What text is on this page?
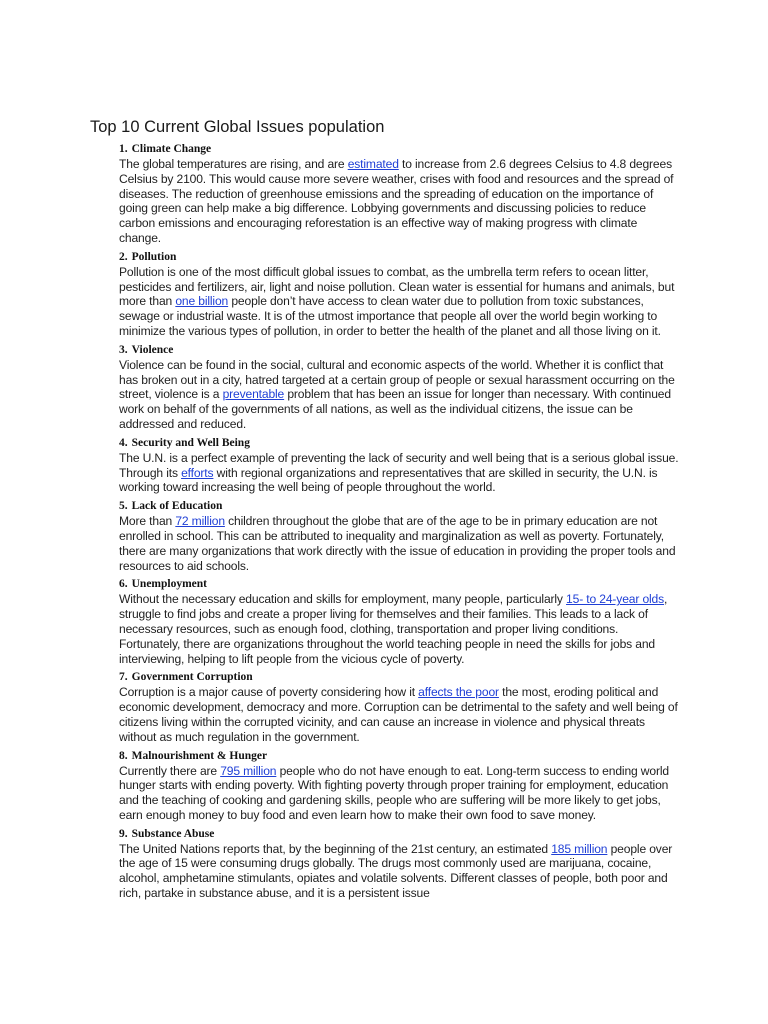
Top 10 Current Global Issues population
1. Climate Change

The global temperatures are rising, and are estimated to increase from 2.6 degrees Celsius to 4.8 degrees Celsius by 2100. This would cause more severe weather, crises with food and resources and the spread of diseases. The reduction of greenhouse emissions and the spreading of education on the importance of going green can help make a big difference. Lobbying governments and discussing policies to reduce carbon emissions and encouraging reforestation is an effective way of making progress with climate change.

2. Pollution

Pollution is one of the most difficult global issues to combat, as the umbrella term refers to ocean litter, pesticides and fertilizers, air, light and noise pollution. Clean water is essential for humans and animals, but more than one billion people don’t have access to clean water due to pollution from toxic substances, sewage or industrial waste. It is of the utmost importance that people all over the world begin working to minimize the various types of pollution, in order to better the health of the planet and all those living on it.

3. Violence

Violence can be found in the social, cultural and economic aspects of the world. Whether it is conflict that has broken out in a city, hatred targeted at a certain group of people or sexual harassment occurring on the street, violence is a preventable problem that has been an issue for longer than necessary. With continued work on behalf of the governments of all nations, as well as the individual citizens, the issue can be addressed and reduced.

4. Security and Well Being

The U.N. is a perfect example of preventing the lack of security and well being that is a serious global issue. Through its efforts with regional organizations and representatives that are skilled in security, the U.N. is working toward increasing the well being of people throughout the world.

5. Lack of Education

More than 72 million children throughout the globe that are of the age to be in primary education are not enrolled in school. This can be attributed to inequality and marginalization as well as poverty. Fortunately, there are many organizations that work directly with the issue of education in providing the proper tools and resources to aid schools.

6. Unemployment

Without the necessary education and skills for employment, many people, particularly 15- to 24-year olds, struggle to find jobs and create a proper living for themselves and their families. This leads to a lack of necessary resources, such as enough food, clothing, transportation and proper living conditions. Fortunately, there are organizations throughout the world teaching people in need the skills for jobs and interviewing, helping to lift people from the vicious cycle of poverty.

7. Government Corruption

Corruption is a major cause of poverty considering how it affects the poor the most, eroding political and economic development, democracy and more. Corruption can be detrimental to the safety and well being of citizens living within the corrupted vicinity, and can cause an increase in violence and physical threats without as much regulation in the government.

8. Malnourishment & Hunger

Currently there are 795 million people who do not have enough to eat. Long-term success to ending world hunger starts with ending poverty. With fighting poverty through proper training for employment, education and the teaching of cooking and gardening skills, people who are suffering will be more likely to get jobs, earn enough money to buy food and even learn how to make their own food to save money.

9. Substance Abuse

The United Nations reports that, by the beginning of the 21st century, an estimated 185 million people over the age of 15 were consuming drugs globally. The drugs most commonly used are marijuana, cocaine, alcohol, amphetamine stimulants, opiates and volatile solvents. Different classes of people, both poor and rich, partake in substance abuse, and it is a persistent issue
